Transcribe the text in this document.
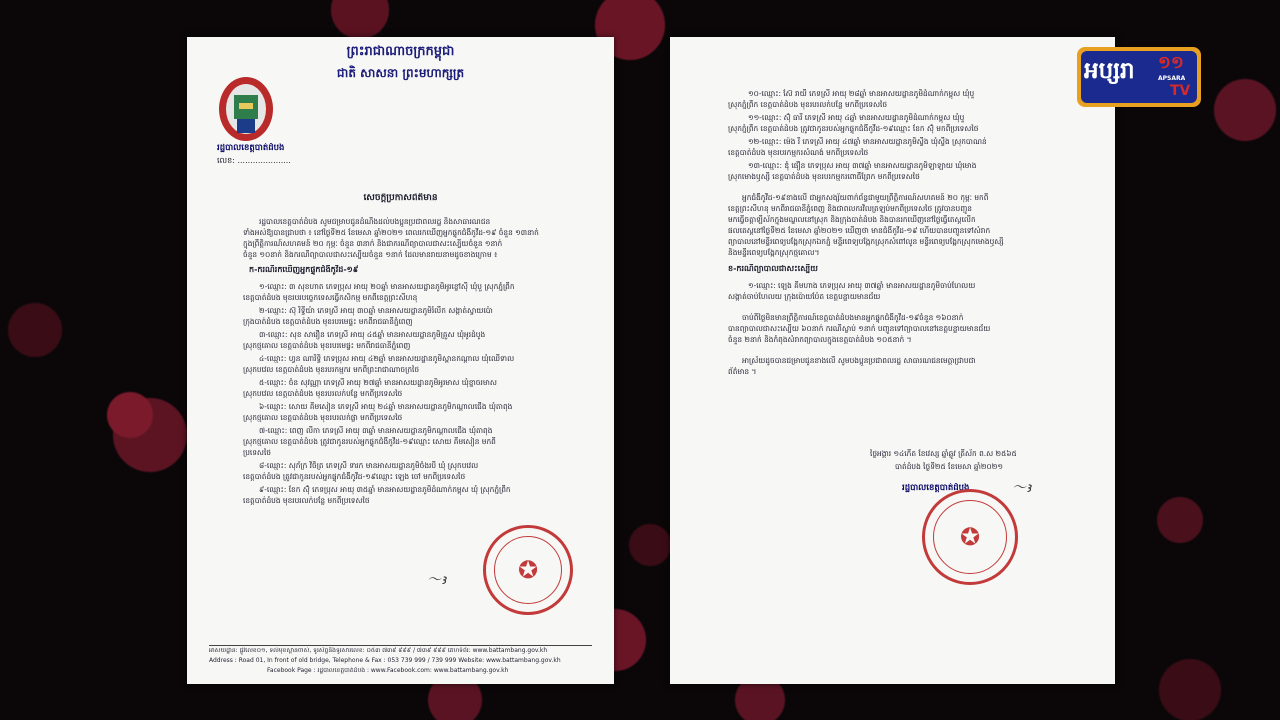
ព្រះរាជាណាចក្រកម្ពុជា
ជាតិ សាសនា ព្រះមហាក្សត្រ
រដ្ឋបាលខេត្តបាត់ដំបង
លេខ: .....................
សេចក្តីប្រកាសព័ត៌មាន
រដ្ឋបាលខេត្តបាត់ដំបង សូមជម្រាបជូនដំណឹងដល់បងប្អូនប្រជាពលរដ្ឋ និងសាធារណជន
ទាំងអស់ឱ្យបានជ្រាបថា ៖ នៅថ្ងៃទី២៥ ខែមេសា ឆ្នាំ២០២១ ពេលរកឃើញអ្នកផ្ទុកជំងឺកូវីដ-១៩ ចំនួន ១៣នាក់
ក្នុងព្រឹត្តិការណ៍សហគមន៍ ២០ កុម្ភៈ ចំនួន ៣នាក់ និងជាករណីព្យាបាលជាសះស្បើយចំនួន ១នាក់
ចំនួន ១០នាក់ និងករណីព្យាបាលជាសះស្បើយចំនួន ១នាក់ ដែលមានរាយនាមដូចខាងក្រោម ៖
ក-ករណីរកឃើញអ្នកផ្ទុកជំងឺកូវីដ-១៩
១-ឈ្មោះ: ៣ សុខហាត ភេទប្រុស អាយុ ២០ឆ្នាំ មានអាសយដ្ឋានភូមិអូរខ្ចៅស៊ី ឃុំបួ ស្រុកភ្នំព្រឹក
ខេត្តបាត់ដំបង មុខរបរបច្ចេកទេសធ្វើកសិកម្ម មកពីខេត្តព្រះសីហនុ
២-ឈ្មោះ: ស៊ុ រិទ្ធីយ៉ា ភេទស្រី អាយុ ៣០ឆ្នាំ មានអាសយដ្ឋានភូមិរំលឹក សង្កាត់ស្វាយប៉ោ
ក្រុងបាត់ដំបង ខេត្តបាត់ដំបង មុខរបរមេផ្ទះ មកពីរាជធានីភ្នំពេញ
៣-ឈ្មោះ: សុខ សារឿន ភេទស្រី អាយុ ៤៥ឆ្នាំ មានអាសយដ្ឋានភូមិគ្រួស ឃុំអូរដំបូង
ស្រុកថ្មគោល ខេត្តបាត់ដំបង មុខរបរមេផ្ទះ មកពីរាជធានីភ្នំពេញ
៤-ឈ្មោះ: ហ្វន ណារិទ្ធិ ភេទប្រុស អាយុ ៤២ឆ្នាំ មានអាសយដ្ឋានភូមិស្ពានកណ្តាល ឃុំឈើទាល
ស្រុកបវេល ខេត្តបាត់ដំបង មុខរបរកម្មករ មកពីព្រះរាជាណាចក្រថៃ
៥-ឈ្មោះ: ចំន សុវណ្ណា ភេទស្រី អាយុ ២៧ឆ្នាំ មានអាសយដ្ឋានភូមិអូរមាស ឃុំខ្នាចរមាស
ស្រុកបវេល ខេត្តបាត់ដំបង មុខរបរលក់បន្លែ មកពីប្រទេសថៃ
៦-ឈ្មោះ: សោយ គីមសៀន ភេទស្រី អាយុ ២៤ឆ្នាំ មានអាសយដ្ឋានភូមិកណ្តាលជើង ឃុំតាពុង
ស្រុកថ្មគោល ខេត្តបាត់ដំបង មុខរបរលក់ផ្លា មកពីប្រទេសថៃ
៧-ឈ្មោះ: ពេញ លីកា ភេទស្រី អាយុ ៣ឆ្នាំ មានអាសយដ្ឋានភូមិកណ្តាលជើង ឃុំតាពុង
ស្រុកថ្មគោល ខេត្តបាត់ដំបង ត្រូវជាកូនរបស់អ្នកផ្ទុកជំងឺកូវីដ-១៩ឈ្មោះ សោយ គីមសៀន មកពី
ប្រទេសថៃ
៨-ឈ្មោះ: សុភ័ក្រ វិចិត្រ ភេទស្រី ទារក មានអាសយដ្ឋានភូមិចំងរបី ឃុំ ស្រុកបវេល
ខេត្តបាត់ដំបង ត្រូវជាកូនរបស់អ្នកផ្ទុកជំងឺកូវីដ-១៩ឈ្មោះ ឡេង ចៅ មកពីប្រទេសថៃ
៩-ឈ្មោះ: ខែក ស៊ុំ ភេទប្រុស អាយុ ៣៥ឆ្នាំ មានអាសយដ្ឋានភូមិដំណាក់កម្ពុស ឃុំ ស្រុកភ្នំព្រឹក
ខេត្តបាត់ដំបង មុខរបរលក់បន្លែ មកពីប្រទេសថៃ
✪
〜ꜣ
អាសយដ្ឋាន: ផ្លូវលេខ០១, ទល់មុខស្ពានចាស់, ទូរស័ព្ទនិងទូរសារលេខ: ០៥៣ ៧៣៩ ៩៩៩ / ៧៣៩ ៩៩៩ គេហទំព័រ: www.battambang.gov.kh
Address : Road 01, In front of old bridge, Telephone & Fax : 053 739 999 / 739 999 Website: www.battambang.gov.kh
Facebook Page : រដ្ឋបាលខេត្តបាត់ដំបង : www.Facebook.com: www.battambang.gov.kh
១០-ឈ្មោះ: ស៊ែ រាយី ភេទស្រី អាយុ ២៨ឆ្នាំ មានអាសយដ្ឋានភូមិដំណាក់កម្ពុស ឃុំបួ
ស្រុកភ្នំព្រឹក ខេត្តបាត់ដំបង មុខរបរលក់បន្លែ មកពីប្រទេសថៃ
១១-ឈ្មោះ: ស៊ុំ ធារី ភេទស្រី អាយុ ៤ឆ្នាំ មានអាសយដ្ឋានភូមិដំណាក់កម្ពុស ឃុំបួ
ស្រុកភ្នំព្រឹក ខេត្តបាត់ដំបង ត្រូវជាកូនរបស់អ្នកផ្ទុកជំងឺកូវីដ-១៩ឈ្មោះ ខែក ស៊ុំ មកពីប្រទេសថៃ
១២-ឈ្មោះ: ម៉េង រី ភេទស្រី អាយុ ៤៧ឆ្នាំ មានអាសយដ្ឋានភូមិស្ទឹង ឃុំស្ទឹង ស្រុកបាណន់
ខេត្តបាត់ដំបង មុខរបរកម្មករសំណង់ មកពីប្រទេសថៃ
១៣-ឈ្មោះ: ឌុំ ផឿន ភេទប្រុស អាយុ ៣៧ឆ្នាំ មានអាសយដ្ឋានភូមិឡាឡាយ ឃុំមោង
ស្រុកមោងឫស្សី ខេត្តបាត់ដំបង មុខរបរកម្មករពោធិ៍ព្រែក មកពីប្រទេសថៃ
អ្នកជំងឺកូវីដ-១៩ខាងលើ ជាអ្នកសង្ស័យពាក់ព័ន្ធជាមួយព្រឹត្តិការណ៍សហគមន៍ ២០ កុម្ភៈ មកពី
ខេត្តព្រះសីហនុ មកពីរាជធានីភ្នំពេញ និងជាពលករវិលត្រឡប់មកពីប្រទេសថៃ ត្រូវបានបញ្ជូន
មកធ្វើចត្តាឡីស័កក្នុងមណ្ឌលនៅស្រុក និងក្រុងបាត់ដំបង និងបានរកឃើញនៅថ្ងៃធ្វើតេស្តលើក
ផលតេស្តនៅថ្ងៃទី២៥ ខែមេសា ឆ្នាំ២០២១ ឃើញថា មានជំងឺកូវីដ-១៩ ហើយបានបញ្ជូនទៅសំរាក
ព្យាបាលនៅមន្ទីរពេទ្យបង្អែកស្រុកឯកភ្នំ មន្ទីរពេទ្យបង្អែកស្រុកសំពៅលូន មន្ទីរពេទ្យបង្អែកស្រុកមោងឫស្សី
និងមន្ទីរពេទ្យបង្អែកស្រុកថ្មគោល។
ខ-ករណីព្យាបាលជាសះស្បើយ
១-ឈ្មោះ: ឡេង គីមហាង ភេទប្រុស អាយុ ៣៧ឆ្នាំ មានអាសយដ្ឋានភូមិចាប់ហែលយ
សង្កាត់ចាប់ហែលយ ក្រុងប៉ោយប៉ែត ខេត្តបន្ទាយមានជ័យ
ចាប់ពីថ្ងៃមិនមានព្រឹត្តិការណ៍ខេត្តបាត់ដំបងមានអ្នកផ្ទុកជំងឺកូវីដ-១៩ចំនួន ១៦០នាក់
បានព្យាបាលជាសះស្បើយ ៦០នាក់ ករណីស្លាប់ ១នាក់ បញ្ជូនទៅព្យាបាលនៅខេត្តបន្ទាយមានជ័យ
ចំនួន ២នាក់ និងកំពុងសំរាកព្យាបាលក្នុងខេត្តបាត់ដំបង ១០៥នាក់ ។
អាស្រ័យដូចបានជម្រាបជូនខាងលើ សូមបងប្អូនប្រជាពលរដ្ឋ សាធារណជនមេត្តាជ្រាបជា
ព័ត៌មាន ។
ថ្ងៃអង្គារ ១៤កើត ខែវេស្ស ឆ្នាំឆ្លូវ ត្រីស័ក ព.ស ២៥៦៥
បាត់ដំបង ថ្ងៃទី២៥ ខែមេសា ឆ្នាំ២០២១
រដ្ឋបាលខេត្តបាត់ដំបង	〜ꜣ
✪
អប្សរា ១១
APSARA
TV
